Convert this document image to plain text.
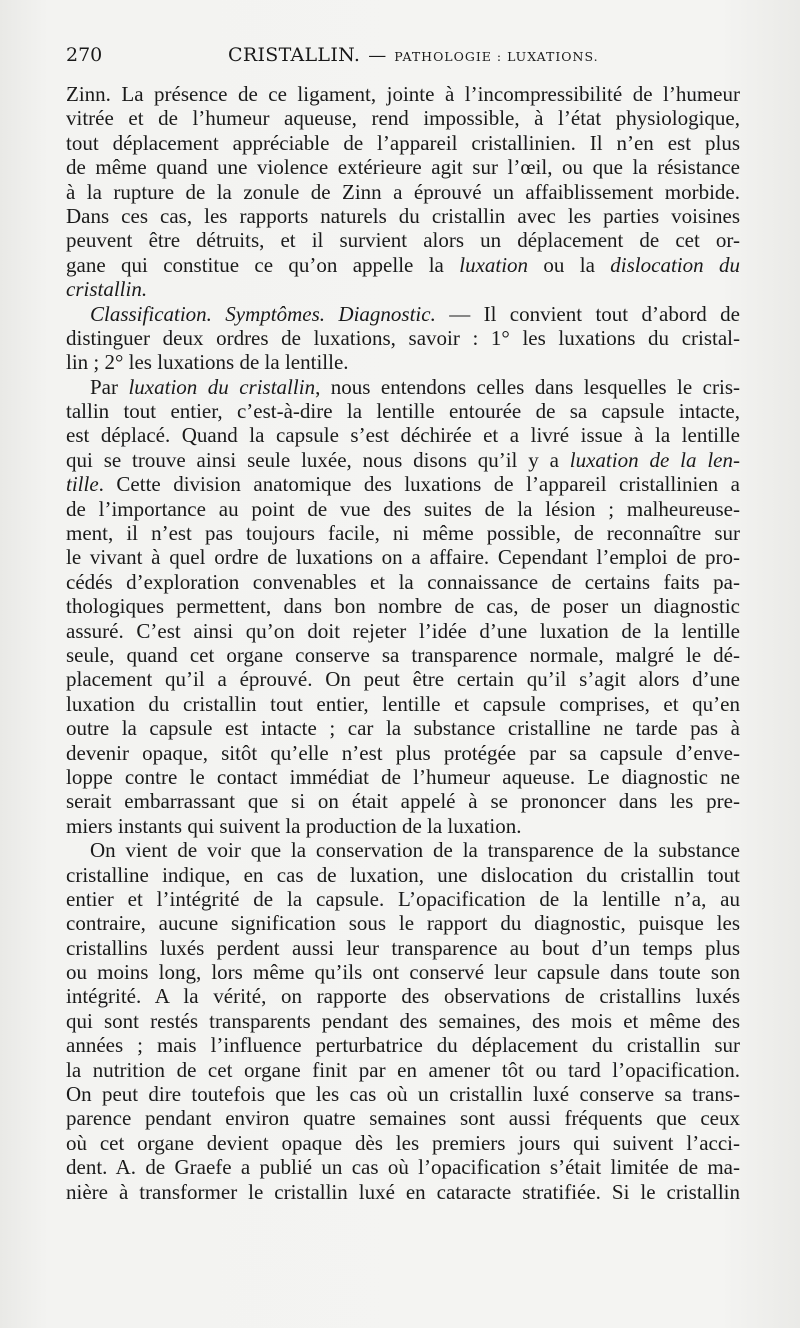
270	CRISTALLIN. — PATHOLOGIE : LUXATIONS.
Zinn. La présence de ce ligament, jointe à l’incompressibilité de l’humeur
vitrée et de l’humeur aqueuse, rend impossible, à l’état physiologique,
tout déplacement appréciable de l’appareil cristallinien. Il n’en est plus
de même quand une violence extérieure agit sur l’œil, ou que la résistance
à la rupture de la zonule de Zinn a éprouvé un affaiblissement morbide.
Dans ces cas, les rapports naturels du cristallin avec les parties voisines
peuvent être détruits, et il survient alors un déplacement de cet or-
gane qui constitue ce qu’on appelle la luxation ou la dislocation du
cristallin.
Classification. Symptômes. Diagnostic. — Il convient tout d’abord de
distinguer deux ordres de luxations, savoir : 1° les luxations du cristal-
lin ; 2° les luxations de la lentille.
Par luxation du cristallin, nous entendons celles dans lesquelles le cris-
tallin tout entier, c’est-à-dire la lentille entourée de sa capsule intacte,
est déplacé. Quand la capsule s’est déchirée et a livré issue à la lentille
qui se trouve ainsi seule luxée, nous disons qu’il y a luxation de la len-
tille. Cette division anatomique des luxations de l’appareil cristallinien a
de l’importance au point de vue des suites de la lésion ; malheureuse-
ment, il n’est pas toujours facile, ni même possible, de reconnaître sur
le vivant à quel ordre de luxations on a affaire. Cependant l’emploi de pro-
cédés d’exploration convenables et la connaissance de certains faits pa-
thologiques permettent, dans bon nombre de cas, de poser un diagnostic
assuré. C’est ainsi qu’on doit rejeter l’idée d’une luxation de la lentille
seule, quand cet organe conserve sa transparence normale, malgré le dé-
placement qu’il a éprouvé. On peut être certain qu’il s’agit alors d’une
luxation du cristallin tout entier, lentille et capsule comprises, et qu’en
outre la capsule est intacte ; car la substance cristalline ne tarde pas à
devenir opaque, sitôt qu’elle n’est plus protégée par sa capsule d’enve-
loppe contre le contact immédiat de l’humeur aqueuse. Le diagnostic ne
serait embarrassant que si on était appelé à se prononcer dans les pre-
miers instants qui suivent la production de la luxation.
On vient de voir que la conservation de la transparence de la substance
cristalline indique, en cas de luxation, une dislocation du cristallin tout
entier et l’intégrité de la capsule. L’opacification de la lentille n’a, au
contraire, aucune signification sous le rapport du diagnostic, puisque les
cristallins luxés perdent aussi leur transparence au bout d’un temps plus
ou moins long, lors même qu’ils ont conservé leur capsule dans toute son
intégrité. A la vérité, on rapporte des observations de cristallins luxés
qui sont restés transparents pendant des semaines, des mois et même des
années ; mais l’influence perturbatrice du déplacement du cristallin sur
la nutrition de cet organe finit par en amener tôt ou tard l’opacification.
On peut dire toutefois que les cas où un cristallin luxé conserve sa trans-
parence pendant environ quatre semaines sont aussi fréquents que ceux
où cet organe devient opaque dès les premiers jours qui suivent l’acci-
dent. A. de Graefe a publié un cas où l’opacification s’était limitée de ma-
nière à transformer le cristallin luxé en cataracte stratifiée. Si le cristallin
